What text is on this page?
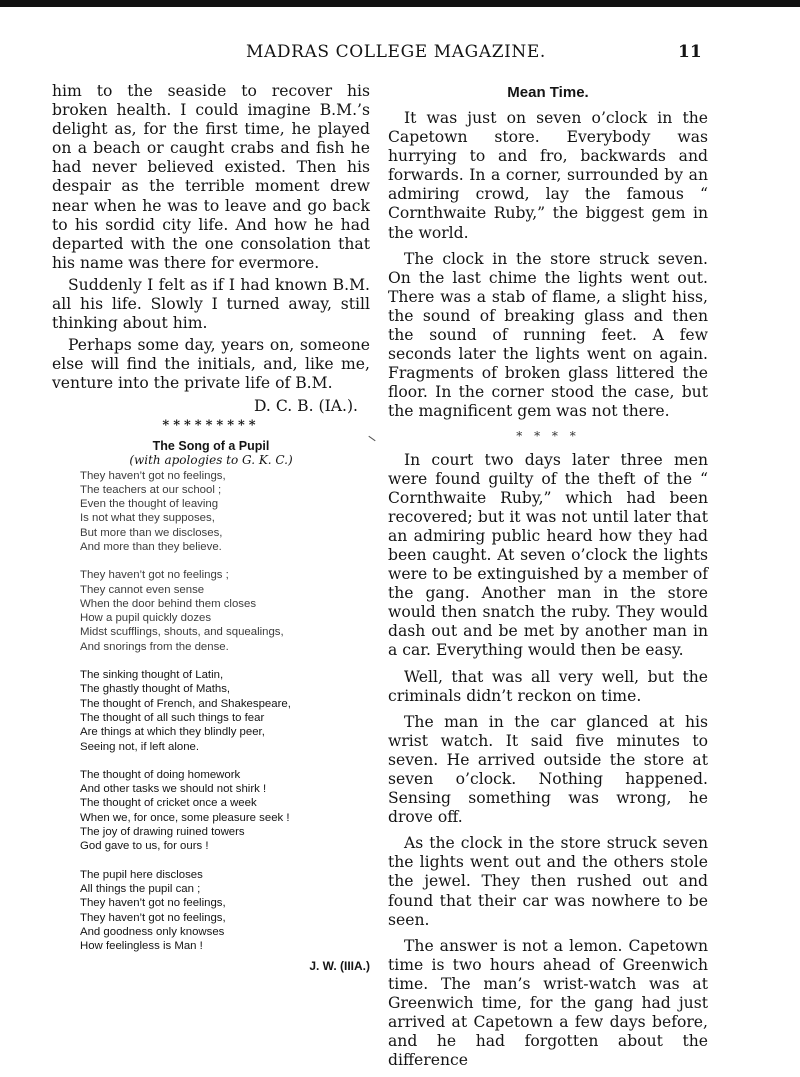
MADRAS COLLEGE MAGAZINE.	11

him to the seaside to recover his broken health. I could imagine B.M.’s delight as, for the first time, he played on a beach or caught crabs and fish he had never believed existed. Then his despair as the terrible moment drew near when he was to leave and go back to his sordid city life. And how he had departed with the one consolation that his name was there for evermore.

Suddenly I felt as if I had known B.M. all his life. Slowly I turned away, still thinking about him.

Perhaps some day, years on, someone else will find the initials, and, like me, venture into the private life of B.M.

D. C. B. (IA.).
*********
The Song of a Pupil
(with apologies to G. K. C.)
They haven’t got no feelings,
The teachers at our school ;
Even the thought of leaving
Is not what they supposes,
But more than we discloses,
And more than they believe.
They haven’t got no feelings ;
They cannot even sense
When the door behind them closes
How a pupil quickly dozes
Midst scufflings, shouts, and squealings,
And snorings from the dense.
The sinking thought of Latin,
The ghastly thought of Maths,
The thought of French, and Shakespeare,
The thought of all such things to fear
Are things at which they blindly peer,
Seeing not, if left alone.
The thought of doing homework
And other tasks we should not shirk !
The thought of cricket once a week
When we, for once, some pleasure seek !
The joy of drawing ruined towers
God gave to us, for ours !
The pupil here discloses
All things the pupil can ;
They haven’t got no feelings,
They haven’t got no feelings,
And goodness only knowses
How feelingless is Man !
J. W. (IIIA.)
Mean Time.

It was just on seven o’clock in the Capetown store. Everybody was hurrying to and fro, backwards and forwards. In a corner, surrounded by an admiring crowd, lay the famous “ Cornthwaite Ruby,” the biggest gem in the world.

The clock in the store struck seven. On the last chime the lights went out. There was a stab of flame, a slight hiss, the sound of breaking glass and then the sound of running feet. A few seconds later the lights went on again. Fragments of broken glass littered the floor. In the corner stood the case, but the magnificent gem was not there.

* * * *

In court two days later three men were found guilty of the theft of the “ Cornthwaite Ruby,” which had been recovered; but it was not until later that an admiring public heard how they had been caught. At seven o’clock the lights were to be extinguished by a member of the gang. Another man in the store would then snatch the ruby. They would dash out and be met by another man in a car. Everything would then be easy.

Well, that was all very well, but the criminals didn’t reckon on time.

The man in the car glanced at his wrist watch. It said five minutes to seven. He arrived outside the store at seven o’clock. Nothing happened. Sensing something was wrong, he drove off.

As the clock in the store struck seven the lights went out and the others stole the jewel. They then rushed out and found that their car was nowhere to be seen.

The answer is not a lemon. Capetown time is two hours ahead of Greenwich time. The man’s wrist-watch was at Greenwich time, for the gang had just arrived at Capetown a few days before, and he had forgotten about the difference
